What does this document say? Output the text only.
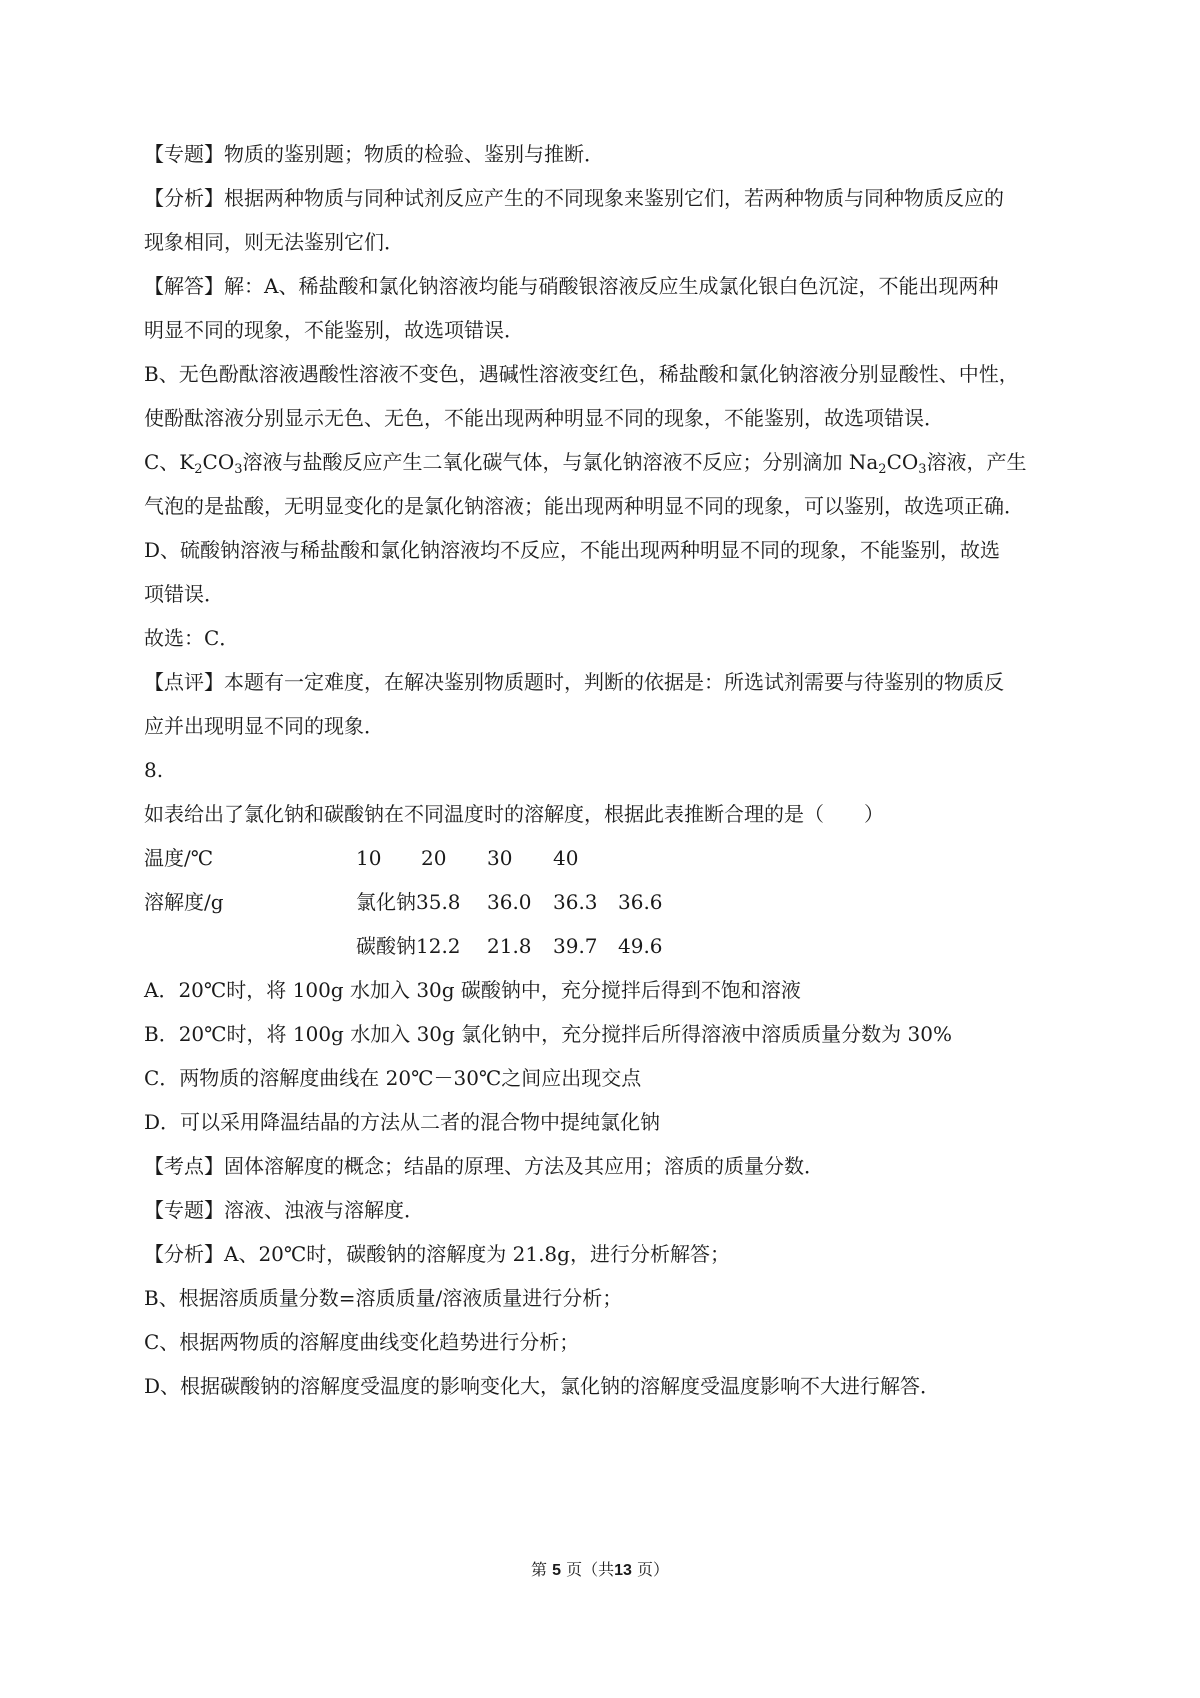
【专题】物质的鉴别题；物质的检验、鉴别与推断．
【分析】根据两种物质与同种试剂反应产生的不同现象来鉴别它们，若两种物质与同种物质反应的
现象相同，则无法鉴别它们．
【解答】解：A、稀盐酸和氯化钠溶液均能与硝酸银溶液反应生成氯化银白色沉淀，不能出现两种
明显不同的现象，不能鉴别，故选项错误．
B、无色酚酞溶液遇酸性溶液不变色，遇碱性溶液变红色，稀盐酸和氯化钠溶液分别显酸性、中性，
使酚酞溶液分别显示无色、无色，不能出现两种明显不同的现象，不能鉴别，故选项错误．
C、$K_2CO_3$溶液与盐酸反应产生二氧化碳气体，与氯化钠溶液不反应；分别滴加 $Na_2CO_3$溶液，产生
气泡的是盐酸，无明显变化的是氯化钠溶液；能出现两种明显不同的现象，可以鉴别，故选项正确．
D、硫酸钠溶液与稀盐酸和氯化钠溶液均不反应，不能出现两种明显不同的现象，不能鉴别，故选
项错误．
故选：C．
【点评】本题有一定难度，在解决鉴别物质题时，判断的依据是：所选试剂需要与待鉴别的物质反
应并出现明显不同的现象．
8.
如表给出了氯化钠和碳酸钠在不同温度时的溶解度，根据此表推断合理的是（　　）
温度/℃	10 20 30 40
溶解度/g	氯化钠 35.8 36.0 36.3 36.6
碳酸钠 12.2 21.8 39.7 49.6
A．20℃时，将 100g 水加入 30g 碳酸钠中，充分搅拌后得到不饱和溶液
B．20℃时，将 100g 水加入 30g 氯化钠中，充分搅拌后所得溶液中溶质质量分数为 30%
C．两物质的溶解度曲线在 20℃－30℃之间应出现交点
D．可以采用降温结晶的方法从二者的混合物中提纯氯化钠
【考点】固体溶解度的概念；结晶的原理、方法及其应用；溶质的质量分数．
【专题】溶液、浊液与溶解度．
【分析】A、20℃时，碳酸钠的溶解度为 21.8g，进行分析解答；
B、根据溶质质量分数=溶质质量/溶液质量进行分析；
C、根据两物质的溶解度曲线变化趋势进行分析；
D、根据碳酸钠的溶解度受温度的影响变化大，氯化钠的溶解度受温度影响不大进行解答．
第 5 页（共13 页）
